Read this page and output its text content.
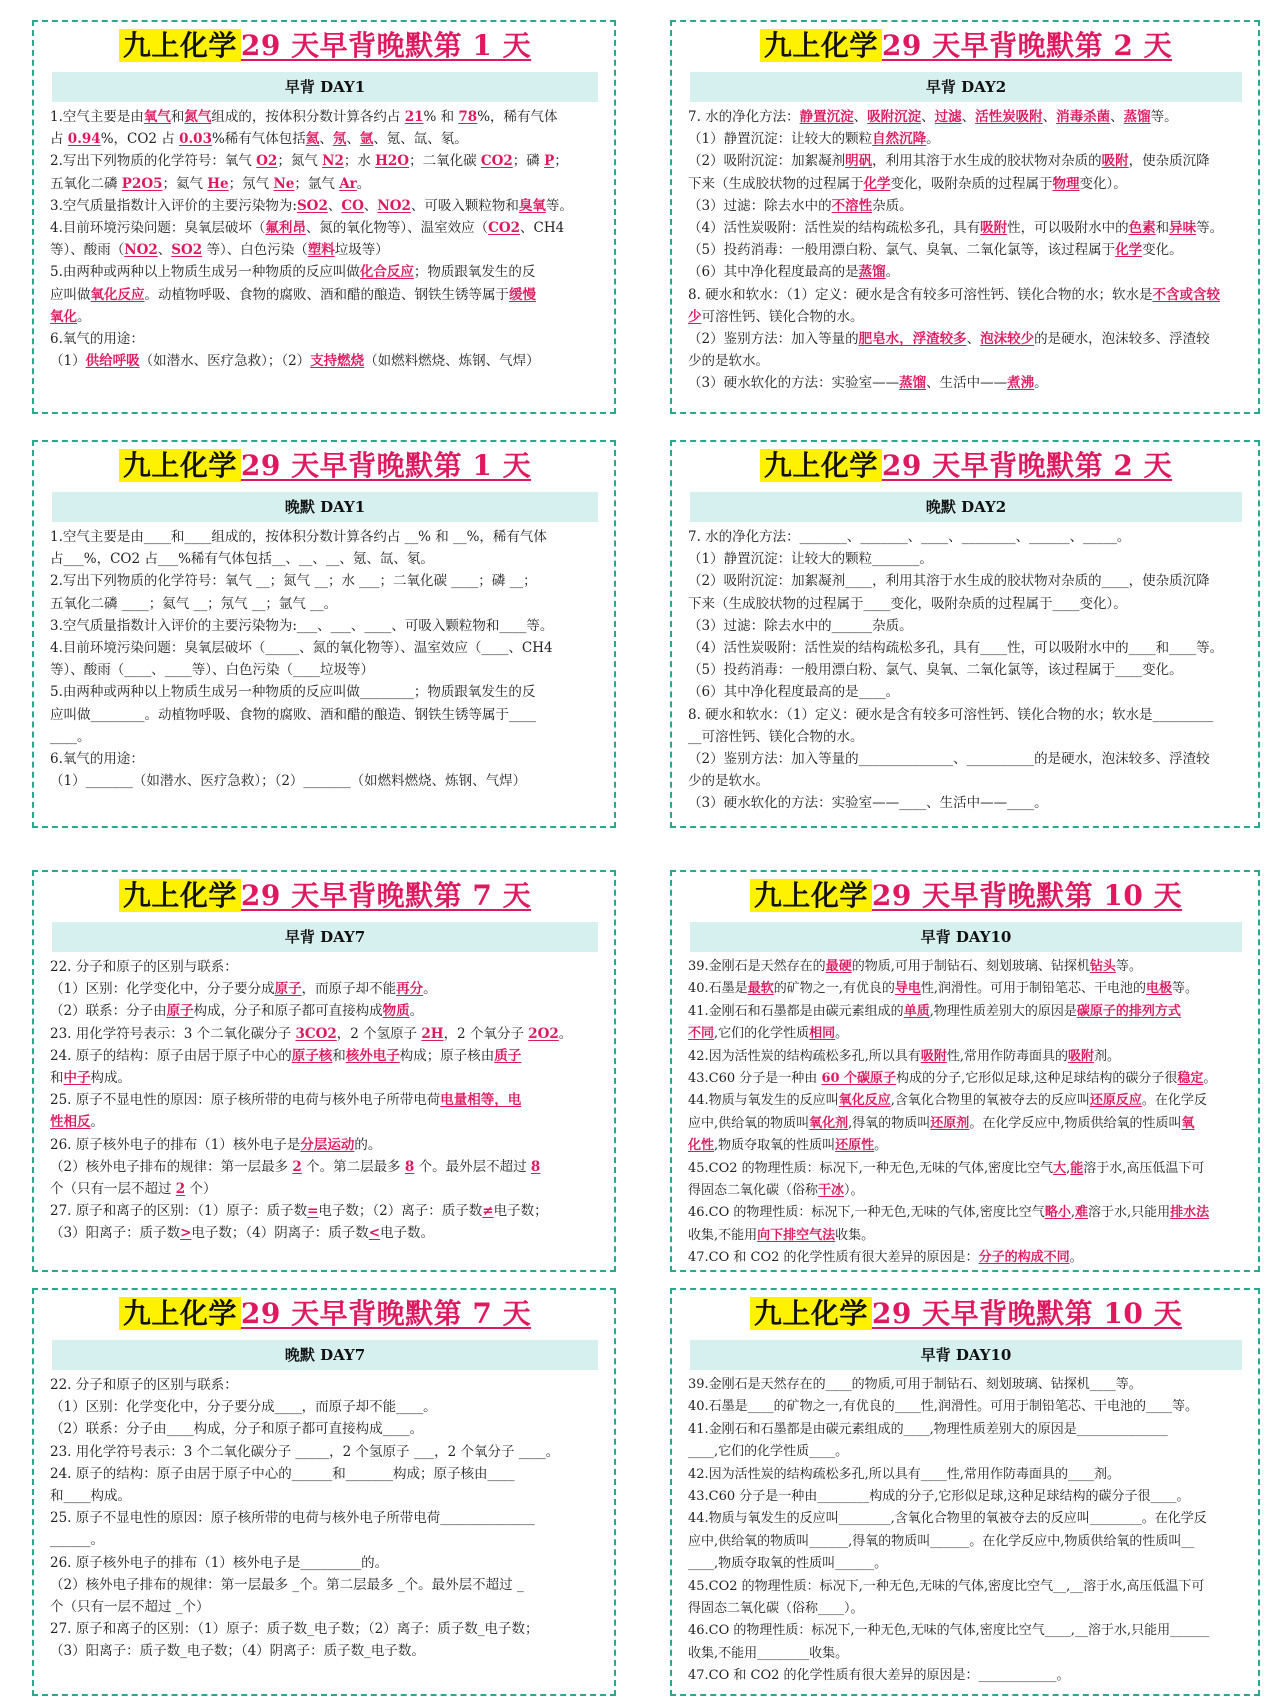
九上化学 29 天早背晚默第 1 天
早背 DAY1
1.空气主要是由氧气和氮气组成的，按体积分数计算各约占 21% 和 78%，稀有气体
占 0.94%，CO2 占 0.03%稀有气体包括氦、氖、氩、氪、氙、氡。
2.写出下列物质的化学符号：氧气 O2；氮气 N2；水 H2O；二氧化碳 CO2；磷 P；
五氧化二磷 P2O5；氦气 He；氖气 Ne；氩气 Ar。
3.空气质量指数计入评价的主要污染物为:SO2、CO、NO2、可吸入颗粒物和臭氧等。
4.目前环境污染问题：臭氧层破坏（氟利昂、氮的氧化物等）、温室效应（CO2、CH4
等）、酸雨（NO2、SO2 等）、白色污染（塑料垃圾等）
5.由两种或两种以上物质生成另一种物质的反应叫做化合反应；物质跟氧发生的反
应叫做氧化反应。动植物呼吸、食物的腐败、酒和醋的酿造、钢铁生锈等属于缓慢
氧化。
6.氧气的用途：
（1）供给呼吸（如潜水、医疗急救）；（2）支持燃烧（如燃料燃烧、炼钢、气焊）
九上化学 29 天早背晚默第 2 天
早背 DAY2
7. 水的净化方法：静置沉淀、吸附沉淀、过滤、活性炭吸附、消毒杀菌、蒸馏等。
（1）静置沉淀：让较大的颗粒自然沉降。
（2）吸附沉淀：加絮凝剂明矾，利用其溶于水生成的胶状物对杂质的吸附，使杂质沉降
下来（生成胶状物的过程属于化学变化，吸附杂质的过程属于物理变化）。
（3）过滤：除去水中的不溶性杂质。
（4）活性炭吸附：活性炭的结构疏松多孔，具有吸附性，可以吸附水中的色素和异味等。
（5）投药消毒：一般用漂白粉、氯气、臭氧、二氧化氯等，该过程属于化学变化。
（6）其中净化程度最高的是蒸馏。
8. 硬水和软水：（1）定义：硬水是含有较多可溶性钙、镁化合物的水；软水是不含或含较
少可溶性钙、镁化合物的水。
（2）鉴别方法：加入等量的肥皂水，浮渣较多、泡沫较少的是硬水，泡沫较多、浮渣较
少的是软水。
（3）硬水软化的方法：实验室——蒸馏、生活中——煮沸。
九上化学 29 天早背晚默第 1 天
晚默 DAY1
1.空气主要是由____和____组成的，按体积分数计算各约占 __% 和 __%，稀有气体
占___%，CO2 占___%稀有气体包括__、__、__、氪、氙、氡。
2.写出下列物质的化学符号：氧气 __；氮气 __；水 ___；二氧化碳 ____；磷 __；
五氧化二磷 ____；氦气 __；氖气 __；氩气 __。
3.空气质量指数计入评价的主要污染物为:___、___、____、可吸入颗粒物和____等。
4.目前环境污染问题：臭氧层破坏（_____、氮的氧化物等）、温室效应（____、CH4
等）、酸雨（____、____等）、白色污染（____垃圾等）
5.由两种或两种以上物质生成另一种物质的反应叫做________；物质跟氧发生的反
应叫做________。动植物呼吸、食物的腐败、酒和醋的酿造、钢铁生锈等属于____
____。
6.氧气的用途：
（1）_______（如潜水、医疗急救）；（2）_______（如燃料燃烧、炼钢、气焊）
九上化学 29 天早背晚默第 2 天
晚默 DAY2
7. 水的净化方法：_______、_______、____、________、______、_____。
（1）静置沉淀：让较大的颗粒_______。
（2）吸附沉淀：加絮凝剂____，利用其溶于水生成的胶状物对杂质的____，使杂质沉降
下来（生成胶状物的过程属于____变化，吸附杂质的过程属于____变化）。
（3）过滤：除去水中的______杂质。
（4）活性炭吸附：活性炭的结构疏松多孔，具有____性，可以吸附水中的____和____等。
（5）投药消毒：一般用漂白粉、氯气、臭氧、二氧化氯等，该过程属于____变化。
（6）其中净化程度最高的是____。
8. 硬水和软水：（1）定义：硬水是含有较多可溶性钙、镁化合物的水；软水是_________
__可溶性钙、镁化合物的水。
（2）鉴别方法：加入等量的______________、__________的是硬水，泡沫较多、浮渣较
少的是软水。
（3）硬水软化的方法：实验室——____、生活中——____。
九上化学 29 天早背晚默第 7 天
早背 DAY7
22. 分子和原子的区别与联系：
（1）区别：化学变化中，分子要分成原子，而原子却不能再分。
（2）联系：分子由原子构成，分子和原子都可直接构成物质。
23. 用化学符号表示：3 个二氧化碳分子 3CO2，2 个氢原子 2H，2 个氧分子 2O2。
24. 原子的结构：原子由居于原子中心的原子核和核外电子构成；原子核由质子
和中子构成。
25. 原子不显电性的原因：原子核所带的电荷与核外电子所带电荷电量相等，电
性相反。
26. 原子核外电子的排布（1）核外电子是分层运动的。
（2）核外电子排布的规律：第一层最多 2 个。第二层最多 8 个。最外层不超过 8
个（只有一层不超过 2 个）
27. 原子和离子的区别：（1）原子：质子数=电子数；（2）离子：质子数≠电子数；
（3）阳离子：质子数>电子数；（4）阴离子：质子数<电子数。
九上化学 29 天早背晚默第 10 天
早背 DAY10
39.金刚石是天然存在的最硬的物质,可用于制钻石、刻划玻璃、钻探机钻头等。
40.石墨是最软的矿物之一,有优良的导电性,润滑性。可用于制铅笔芯、干电池的电极等。
41.金刚石和石墨都是由碳元素组成的单质,物理性质差别大的原因是碳原子的排列方式
不同,它们的化学性质相同。
42.因为活性炭的结构疏松多孔,所以具有吸附性,常用作防毒面具的吸附剂。
43.C60 分子是一种由 60 个碳原子构成的分子,它形似足球,这种足球结构的碳分子很稳定。
44.物质与氧发生的反应叫氧化反应,含氧化合物里的氧被夺去的反应叫还原反应。在化学反
应中,供给氧的物质叫氧化剂,得氧的物质叫还原剂。在化学反应中,物质供给氧的性质叫氧
化性,物质夺取氧的性质叫还原性。
45.CO2 的物理性质：标况下,一种无色,无味的气体,密度比空气大,能溶于水,高压低温下可
得固态二氧化碳（俗称干冰）。
46.CO 的物理性质：标况下,一种无色,无味的气体,密度比空气略小,难溶于水,只能用排水法
收集,不能用向下排空气法收集。
47.CO 和 CO2 的化学性质有很大差异的原因是：分子的构成不同。
九上化学 29 天早背晚默第 7 天
晚默 DAY7
22. 分子和原子的区别与联系：
（1）区别：化学变化中，分子要分成____，而原子却不能____。
（2）联系：分子由____构成，分子和原子都可直接构成____。
23. 用化学符号表示：3 个二氧化碳分子 _____，2 个氢原子 ___，2 个氧分子 ____。
24. 原子的结构：原子由居于原子中心的______和_______构成；原子核由____
和____构成。
25. 原子不显电性的原因：原子核所带的电荷与核外电子所带电荷______________
______。
26. 原子核外电子的排布（1）核外电子是_________的。
（2）核外电子排布的规律：第一层最多 _个。第二层最多 _个。最外层不超过 _
个（只有一层不超过 _个）
27. 原子和离子的区别：（1）原子：质子数_电子数；（2）离子：质子数_电子数；
（3）阳离子：质子数_电子数；（4）阴离子：质子数_电子数。
九上化学 29 天早背晚默第 10 天
早背 DAY10
39.金刚石是天然存在的____的物质,可用于制钻石、刻划玻璃、钻探机____等。
40.石墨是____的矿物之一,有优良的____性,润滑性。可用于制铅笔芯、干电池的____等。
41.金刚石和石墨都是由碳元素组成的____,物理性质差别大的原因是______________
____,它们的化学性质____。
42.因为活性炭的结构疏松多孔,所以具有____性,常用作防毒面具的____剂。
43.C60 分子是一种由________构成的分子,它形似足球,这种足球结构的碳分子很____。
44.物质与氧发生的反应叫________,含氧化合物里的氧被夺去的反应叫________。在化学反
应中,供给氧的物质叫______,得氧的物质叫______。在化学反应中,物质供给氧的性质叫__
____,物质夺取氧的性质叫______。
45.CO2 的物理性质：标况下,一种无色,无味的气体,密度比空气__,__溶于水,高压低温下可
得固态二氧化碳（俗称____）。
46.CO 的物理性质：标况下,一种无色,无味的气体,密度比空气____,__溶于水,只能用______
收集,不能用________收集。
47.CO 和 CO2 的化学性质有很大差异的原因是：____________。
